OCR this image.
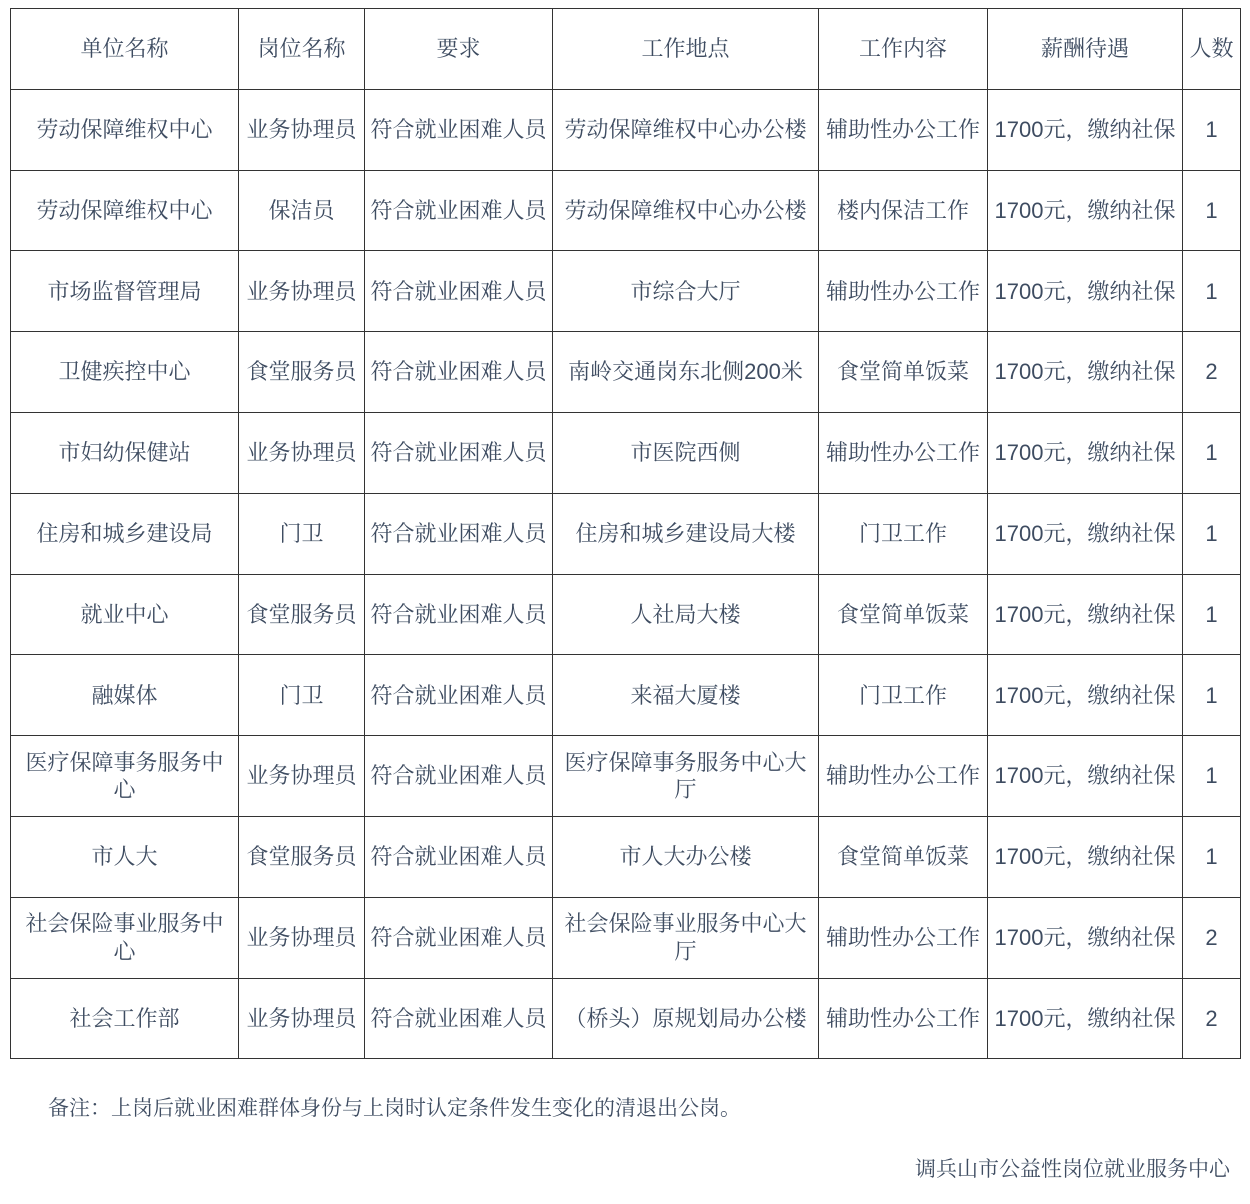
单位名称	岗位名称	要求	工作地点	工作内容	薪酬待遇	人数
劳动保障维权中心	业务协理员	符合就业困难人员	劳动保障维权中心办公楼	辅助性办公工作	1700元，缴纳社保	1
劳动保障维权中心	保洁员	符合就业困难人员	劳动保障维权中心办公楼	楼内保洁工作	1700元，缴纳社保	1
市场监督管理局	业务协理员	符合就业困难人员	市综合大厅	辅助性办公工作	1700元，缴纳社保	1
卫健疾控中心	食堂服务员	符合就业困难人员	南岭交通岗东北侧200米	食堂简单饭菜	1700元，缴纳社保	2
市妇幼保健站	业务协理员	符合就业困难人员	市医院西侧	辅助性办公工作	1700元，缴纳社保	1
住房和城乡建设局	门卫	符合就业困难人员	住房和城乡建设局大楼	门卫工作	1700元，缴纳社保	1
就业中心	食堂服务员	符合就业困难人员	人社局大楼	食堂简单饭菜	1700元，缴纳社保	1
融媒体	门卫	符合就业困难人员	来福大厦楼	门卫工作	1700元，缴纳社保	1
医疗保障事务服务中心	业务协理员	符合就业困难人员	医疗保障事务服务中心大厅	辅助性办公工作	1700元，缴纳社保	1
市人大	食堂服务员	符合就业困难人员	市人大办公楼	食堂简单饭菜	1700元，缴纳社保	1
社会保险事业服务中心	业务协理员	符合就业困难人员	社会保险事业服务中心大厅	辅助性办公工作	1700元，缴纳社保	2
社会工作部	业务协理员	符合就业困难人员	（桥头）原规划局办公楼	辅助性办公工作	1700元，缴纳社保	2

备注：上岗后就业困难群体身份与上岗时认定条件发生变化的清退出公岗。

调兵山市公益性岗位就业服务中心
